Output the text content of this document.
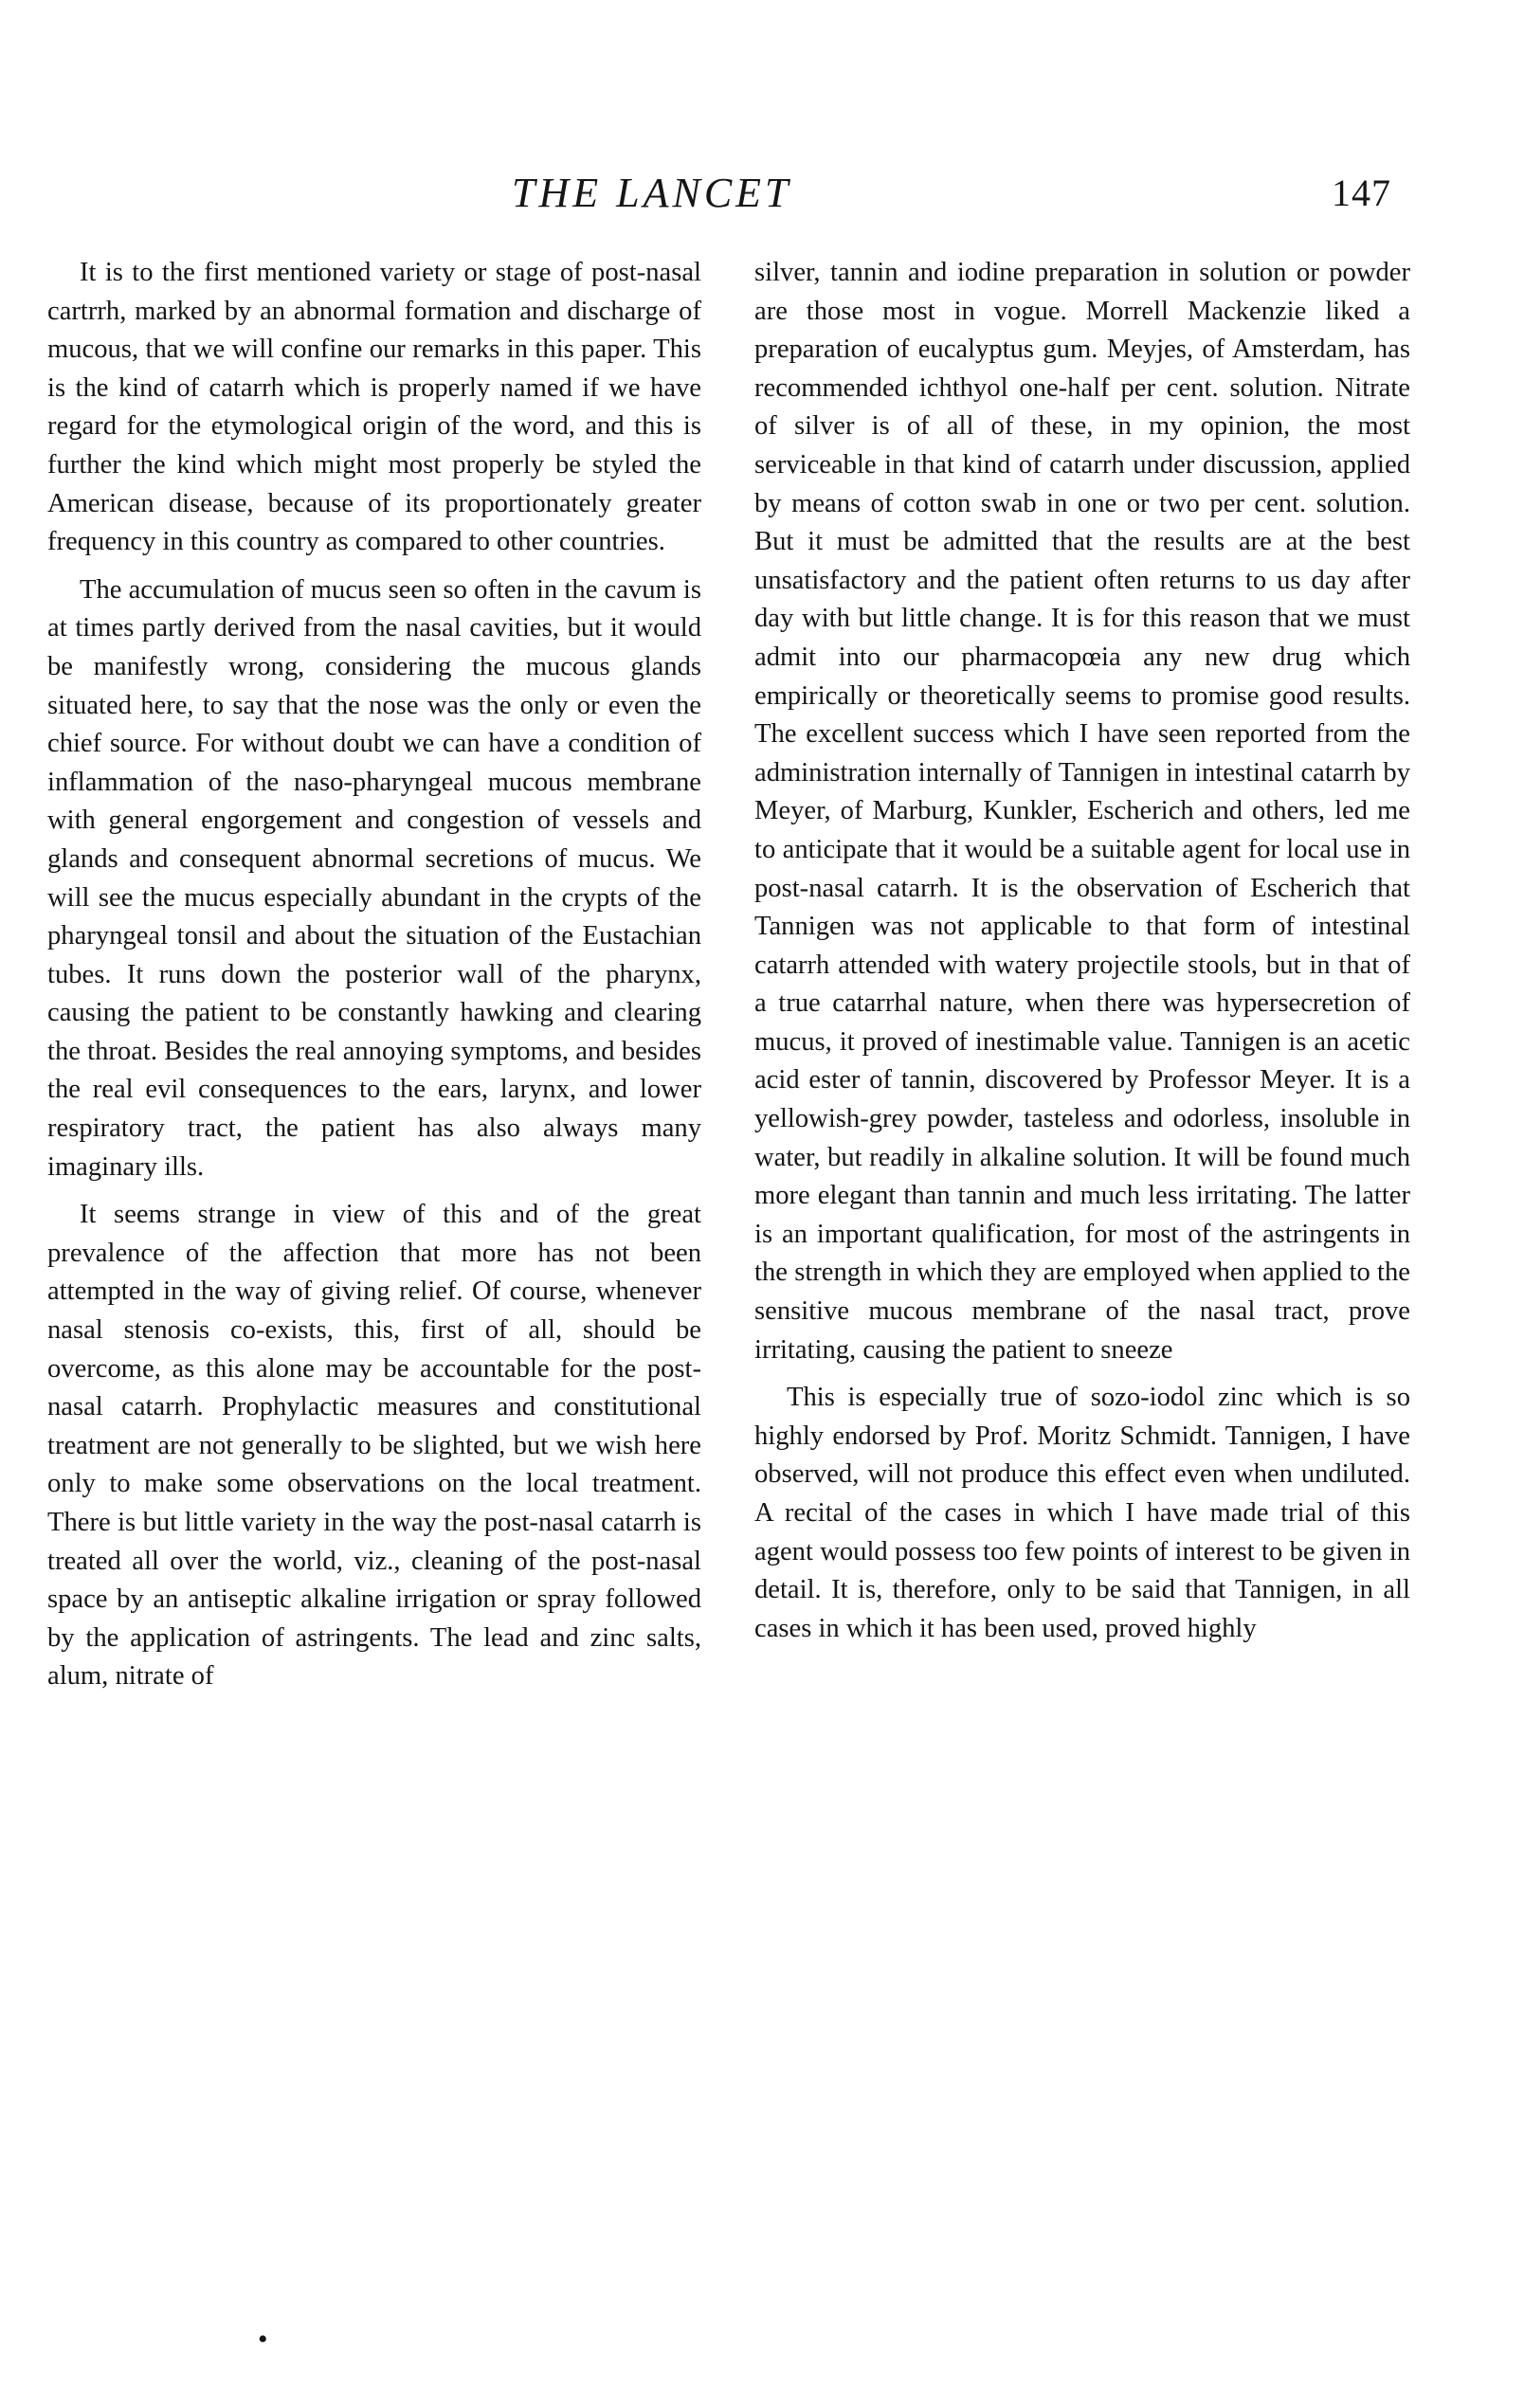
THE LANCET	147

It is to the first mentioned variety or stage of post-nasal cartrrh, marked by an abnormal formation and discharge of mucous, that we will confine our remarks in this paper. This is the kind of catarrh which is properly named if we have regard for the etymological origin of the word, and this is further the kind which might most properly be styled the American disease, because of its proportionately greater frequency in this country as compared to other countries.

The accumulation of mucus seen so often in the cavum is at times partly derived from the nasal cavities, but it would be manifestly wrong, considering the mucous glands situated here, to say that the nose was the only or even the chief source. For without doubt we can have a condition of inflammation of the naso-pharyngeal mucous membrane with general engorgement and congestion of vessels and glands and consequent abnormal secretions of mucus. We will see the mucus especially abundant in the crypts of the pharyngeal tonsil and about the situation of the Eustachian tubes. It runs down the posterior wall of the pharynx, causing the patient to be constantly hawking and clearing the throat. Besides the real annoying symptoms, and besides the real evil consequences to the ears, larynx, and lower respiratory tract, the patient has also always many imaginary ills.

It seems strange in view of this and of the great prevalence of the affection that more has not been attempted in the way of giving relief. Of course, whenever nasal stenosis co-exists, this, first of all, should be overcome, as this alone may be accountable for the post-nasal catarrh. Prophylactic measures and constitutional treatment are not generally to be slighted, but we wish here only to make some observations on the local treatment. There is but little variety in the way the post-nasal catarrh is treated all over the world, viz., cleaning of the post-nasal space by an antiseptic alkaline irrigation or spray followed by the application of astringents. The lead and zinc salts, alum, nitrate of

silver, tannin and iodine preparation in solution or powder are those most in vogue. Morrell Mackenzie liked a preparation of eucalyptus gum. Meyjes, of Amsterdam, has recommended ichthyol one-half per cent. solution. Nitrate of silver is of all of these, in my opinion, the most serviceable in that kind of catarrh under discussion, applied by means of cotton swab in one or two per cent. solution. But it must be admitted that the results are at the best unsatisfactory and the patient often returns to us day after day with but little change. It is for this reason that we must admit into our pharmacopœia any new drug which empirically or theoretically seems to promise good results. The excellent success which I have seen reported from the administration internally of Tannigen in intestinal catarrh by Meyer, of Marburg, Kunkler, Escherich and others, led me to anticipate that it would be a suitable agent for local use in post-nasal catarrh. It is the observation of Escherich that Tannigen was not applicable to that form of intestinal catarrh attended with watery projectile stools, but in that of a true catarrhal nature, when there was hypersecretion of mucus, it proved of inestimable value. Tannigen is an acetic acid ester of tannin, discovered by Professor Meyer. It is a yellowish-grey powder, tasteless and odorless, insoluble in water, but readily in alkaline solution. It will be found much more elegant than tannin and much less irritating. The latter is an important qualification, for most of the astringents in the strength in which they are employed when applied to the sensitive mucous membrane of the nasal tract, prove irritating, causing the patient to sneeze

This is especially true of sozo-iodol zinc which is so highly endorsed by Prof. Moritz Schmidt. Tannigen, I have observed, will not produce this effect even when undiluted. A recital of the cases in which I have made trial of this agent would possess too few points of interest to be given in detail. It is, therefore, only to be said that Tannigen, in all cases in which it has been used, proved highly

•
